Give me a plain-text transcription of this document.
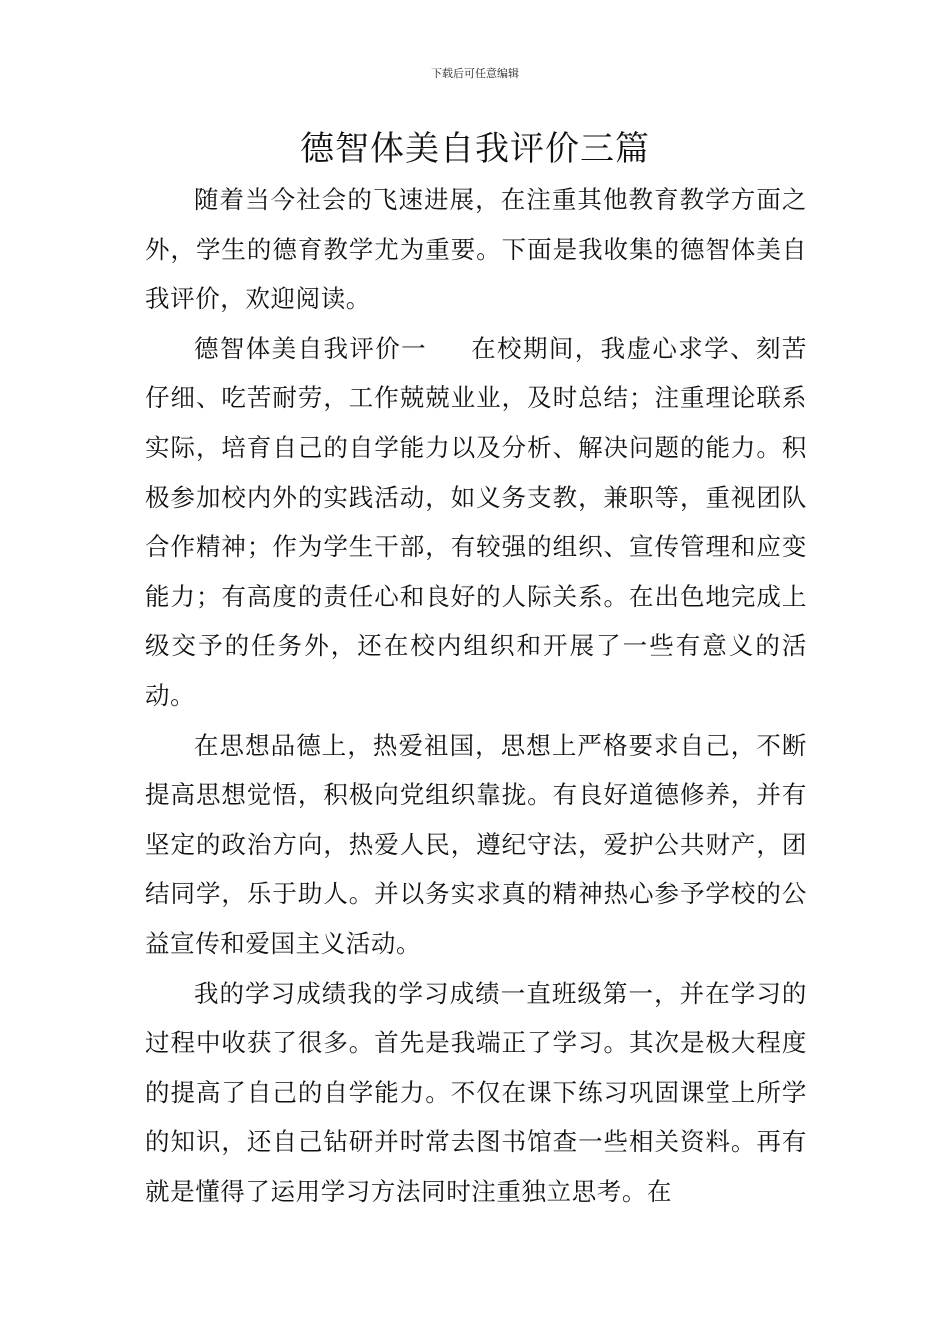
下载后可任意编辑
德智体美自我评价三篇

随着当今社会的飞速进展，在注重其他教育教学方面之外，学生的德育教学尤为重要。下面是我收集的德智体美自我评价，欢迎阅读。

德智体美自我评价一 在校期间，我虚心求学、刻苦仔细、吃苦耐劳，工作兢兢业业，及时总结；注重理论联系实际，培育自己的自学能力以及分析、解决问题的能力。积极参加校内外的实践活动，如义务支教，兼职等，重视团队合作精神；作为学生干部，有较强的组织、宣传管理和应变能力；有高度的责任心和良好的人际关系。在出色地完成上级交予的任务外，还在校内组织和开展了一些有意义的活动。

在思想品德上，热爱祖国，思想上严格要求自己，不断提高思想觉悟，积极向党组织靠拢。有良好道德修养，并有坚定的政治方向，热爱人民，遵纪守法，爱护公共财产，团结同学，乐于助人。并以务实求真的精神热心参予学校的公益宣传和爱国主义活动。

我的学习成绩我的学习成绩一直班级第一，并在学习的过程中收获了很多。首先是我端正了学习。其次是极大程度的提高了自己的自学能力。不仅在课下练习巩固课堂上所学的知识，还自己钻研并时常去图书馆查一些相关资料。再有就是懂得了运用学习方法同时注重独立思考。在
